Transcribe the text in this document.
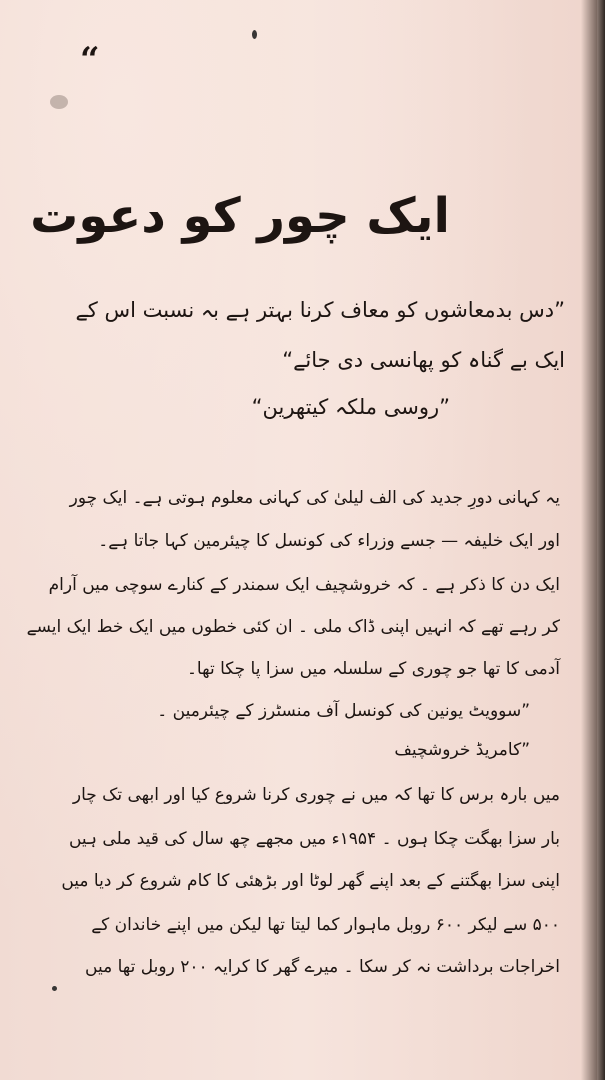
“
ایک چور کو دعوت
”دس بدمعاشوں کو معاف کرنا بہتر ہے بہ نسبت اس کے
ایک بے گناہ کو پھانسی دی جائے“
”روسی ملکہ کیتھرین“
یہ کہانی دورِ جدید کی الف لیلیٰ کی کہانی معلوم ہوتی ہے۔ ایک چور
اور ایک خلیفہ — جسے وزراء کی کونسل کا چیئرمین کہا جاتا ہے۔
ایک دن کا ذکر ہے ۔ کہ خروشچیف ایک سمندر کے کنارے سوچی میں آرام
کر رہے تھے کہ انہیں اپنی ڈاک ملی ۔ ان کئی خطوں میں ایک خط ایک ایسے
آدمی کا تھا جو چوری کے سلسلہ میں سزا پا چکا تھا۔
”سوویٹ یونین کی کونسل آف منسٹرز کے چیئرمین ۔
”کامریڈ خروشچیف
میں بارہ برس کا تھا کہ میں نے چوری کرنا شروع کیا اور ابھی تک چار
بار سزا بھگت چکا ہوں ۔ ۱۹۵۴ء میں مجھے چھ سال کی قید ملی ہیں
اپنی سزا بھگتنے کے بعد اپنے گھر لوٹا اور بڑھئی کا کام شروع کر دیا میں
۵۰۰ سے لیکر ۶۰۰ روبل ماہوار کما لیتا تھا لیکن میں اپنے خاندان کے
اخراجات برداشت نہ کر سکا ۔ میرے گھر کا کرایہ ۲۰۰ روبل تھا میں
